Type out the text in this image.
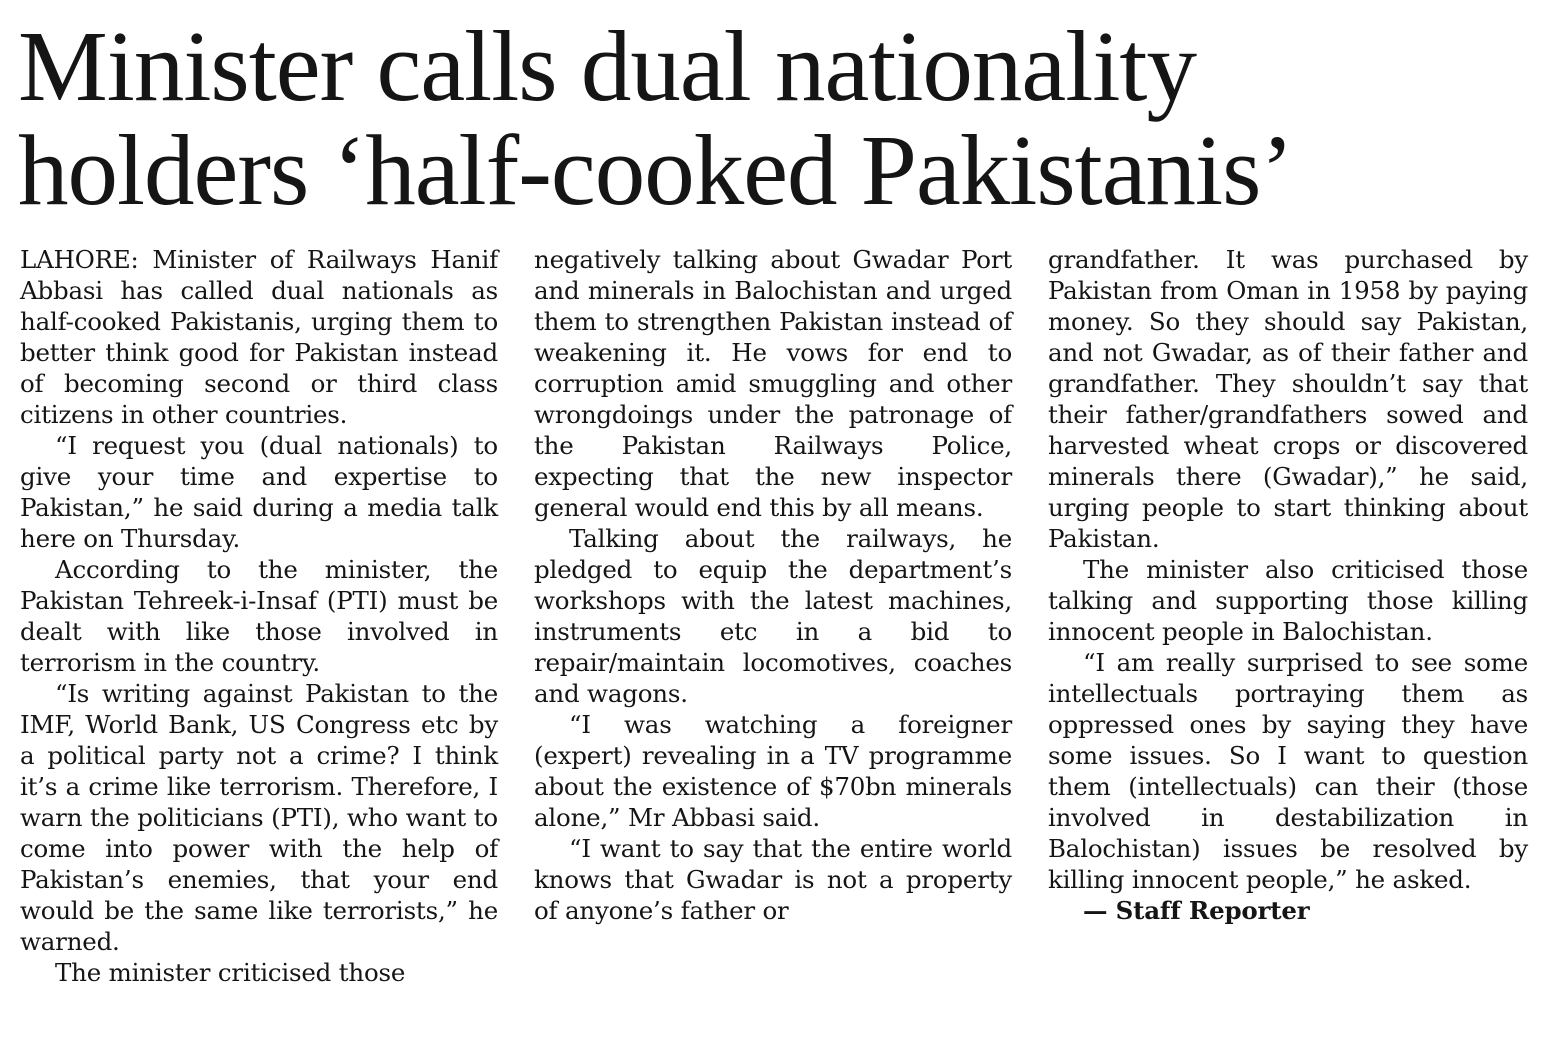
Minister calls dual nationality
holders ‘half-cooked Pakistanis’

LAHORE: Minister of Railways Hanif Abbasi has called dual nationals as half-cooked Pakistanis, urging them to better think good for Pakistan instead of becoming second or third class citizens in other countries.

“I request you (dual nationals) to give your time and expertise to Pakistan,” he said during a media talk here on Thursday.

According to the minister, the Pakistan Tehreek-i-Insaf (PTI) must be dealt with like those involved in terrorism in the country.

“Is writing against Pakistan to the IMF, World Bank, US Congress etc by a political party not a crime? I think it’s a crime like terrorism. Therefore, I warn the politicians (PTI), who want to come into power with the help of Pakistan’s enemies, that your end would be the same like terrorists,” he warned.

The minister criticised those

negatively talking about Gwadar Port and minerals in Balochistan and urged them to strengthen Pakistan instead of weakening it. He vows for end to corruption amid smuggling and other wrongdoings under the patronage of the Pakistan Railways Police, expecting that the new inspector general would end this by all means.

Talking about the railways, he pledged to equip the department’s workshops with the latest machines, instruments etc in a bid to repair/maintain locomotives, coaches and wagons.

“I was watching a foreigner (expert) revealing in a TV programme about the existence of $70bn minerals alone,” Mr Abbasi said.

“I want to say that the entire world knows that Gwadar is not a property of anyone’s father or

grandfather. It was purchased by Pakistan from Oman in 1958 by paying money. So they should say Pakistan, and not Gwadar, as of their father and grandfather. They shouldn’t say that their father/grandfathers sowed and harvested wheat crops or discovered minerals there (Gwadar),” he said, urging people to start thinking about Pakistan.

The minister also criticised those talking and supporting those killing innocent people in Balochistan.

“I am really surprised to see some intellectuals portraying them as oppressed ones by saying they have some issues. So I want to question them (intellectuals) can their (those involved in destabilization in Balochistan) issues be resolved by killing innocent people,” he asked.

— Staff Reporter
